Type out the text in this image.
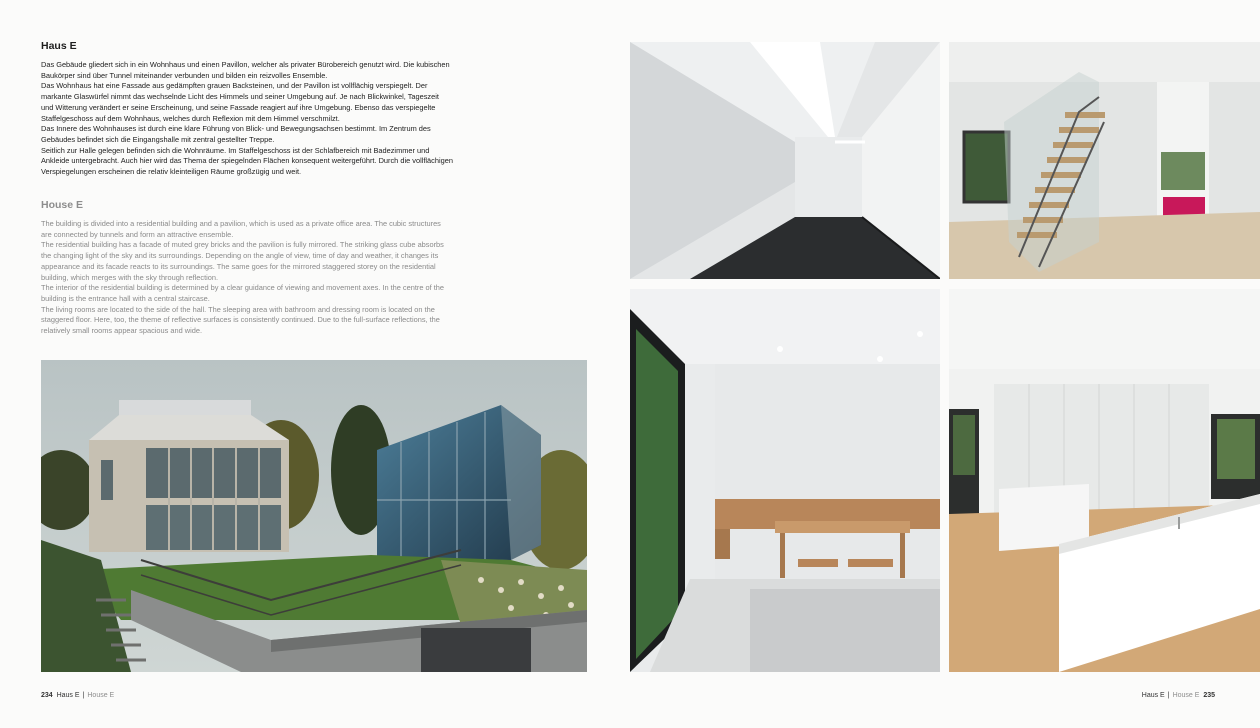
Haus E

Das Gebäude gliedert sich in ein Wohnhaus und einen Pavillon, welcher als privater Bürobereich genutzt wird. Die kubischen Baukörper sind über Tunnel miteinander verbunden und bilden ein reizvolles Ensemble.

Das Wohnhaus hat eine Fassade aus gedämpften grauen Backsteinen, und der Pavillon ist vollflächig verspiegelt. Der markante Glaswürfel nimmt das wechselnde Licht des Himmels und seiner Umgebung auf. Je nach Blickwinkel, Tageszeit und Witterung verändert er seine Erscheinung, und seine Fassade reagiert auf ihre Umgebung. Ebenso das verspiegelte Staffelgeschoss auf dem Wohnhaus, welches durch Reflexion mit dem Himmel verschmilzt.

Das Innere des Wohnhauses ist durch eine klare Führung von Blick- und Bewegungsachsen bestimmt. Im Zentrum des Gebäudes befindet sich die Eingangshalle mit zentral gestellter Treppe.

Seitlich zur Halle gelegen befinden sich die Wohnräume. Im Staffelgeschoss ist der Schlafbereich mit Badezimmer und Ankleide untergebracht. Auch hier wird das Thema der spiegelnden Flächen konsequent weitergeführt. Durch die vollflächigen Verspiegelungen erscheinen die relativ kleinteiligen Räume großzügig und weit.

House E

The building is divided into a residential building and a pavilion, which is used as a private office area. The cubic structures are connected by tunnels and form an attractive ensemble.

The residential building has a facade of muted grey bricks and the pavilion is fully mirrored. The striking glass cube absorbs the changing light of the sky and its surroundings. Depending on the angle of view, time of day and weather, it changes its appearance and its facade reacts to its surroundings. The same goes for the mirrored staggered storey on the residential building, which merges with the sky through reflection.

The interior of the residential building is determined by a clear guidance of viewing and movement axes. In the centre of the building is the entrance hall with a central staircase.

The living rooms are located to the side of the hall. The sleeping area with bathroom and dressing room is located on the staggered floor. Here, too, the theme of reflective surfaces is consistently continued. Due to the full-surface reflections, the relatively small rooms appear spacious and wide.

234 Haus E | House E	Haus E | House E 235
